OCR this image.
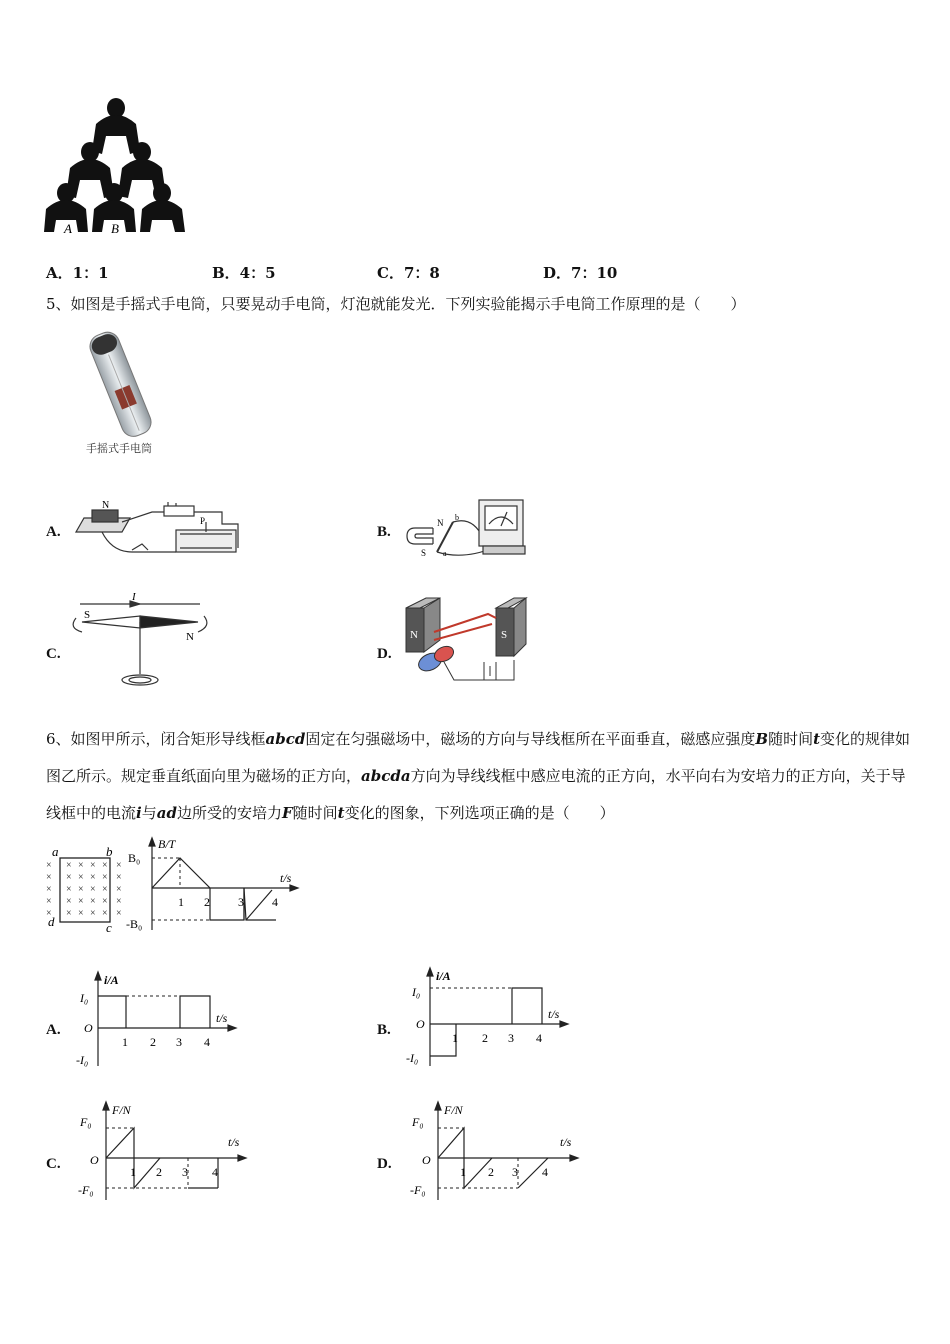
A	B
A．1：1	B．4：5	C．7：8	D．7：10
5、如图是手摇式手电筒，只要晃动手电筒，灯泡就能发光．下列实验能揭示手电筒工作原理的是（　　）
手摇式手电筒
A.	B.
C.	D.
N
P	N
S a
b
S
N
I
N	S
6、如图甲所示，闭合矩形导线框abcd固定在匀强磁场中，磁场的方向与导线框所在平面垂直，磁感应强度B随时间t变化的规律如图乙所示。规定垂直纸面向里为磁场的正方向，abcda方向为导线线框中感应电流的正方向，水平向右为安培力的正方向，关于导线框中的电流i与ad边所受的安培力F随时间t变化的图象，下列选项正确的是（　　）
× × × × × ×
× × × × × ×
× × × × × ×
× × × × × ×
× × × × × ×
a	b
c
d
B₀
-B₀
B/T
t/s
1 2 3 4
A.	B.
C.	D.
I₀
-I₀
O
i/A
t/s
1 2 3 4
I₀
-I₀
O
i/A
t/s
1 2 3 4
F₀
-F₀
O
F/N
t/s
1 2 3 4
F₀
-F₀
O
F/N
t/s
1 2 3 4
